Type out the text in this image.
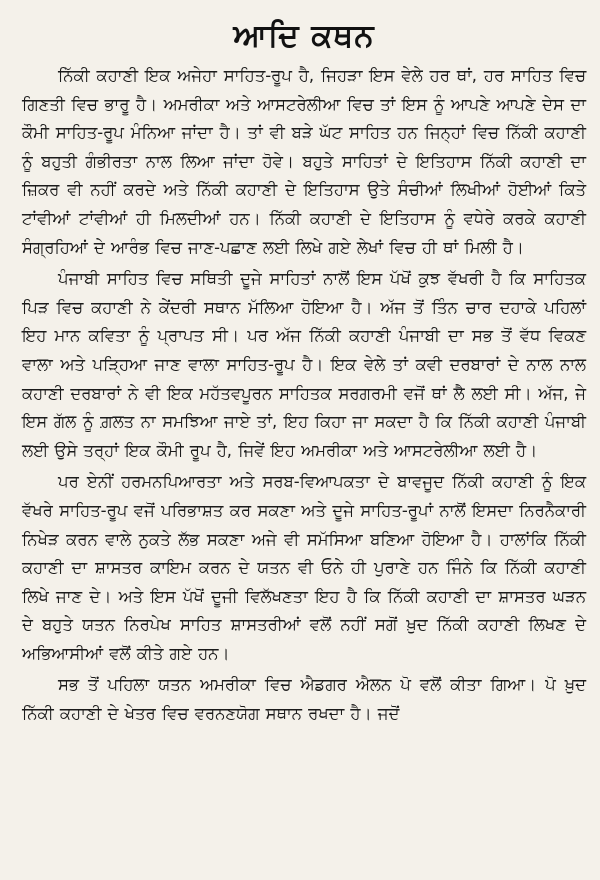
ਆਦਿ ਕਥਨ

ਨਿੱਕੀ ਕਹਾਣੀ ਇਕ ਅਜੇਹਾ ਸਾਹਿਤ-ਰੂਪ ਹੈ, ਜਿਹੜਾ ਇਸ ਵੇਲੇ ਹਰ ਥਾਂ, ਹਰ ਸਾਹਿਤ ਵਿਚ ਗਿਣਤੀ ਵਿਚ ਭਾਰੂ ਹੈ। ਅਮਰੀਕਾ ਅਤੇ ਆਸਟਰੇਲੀਆ ਵਿਚ ਤਾਂ ਇਸ ਨੂੰ ਆਪਣੇ ਆਪਣੇ ਦੇਸ ਦਾ ਕੌਮੀ ਸਾਹਿਤ-ਰੂਪ ਮੰਨਿਆ ਜਾਂਦਾ ਹੈ। ਤਾਂ ਵੀ ਬੜੇ ਘੱਟ ਸਾਹਿਤ ਹਨ ਜਿਨ੍ਹਾਂ ਵਿਚ ਨਿੱਕੀ ਕਹਾਣੀ ਨੂੰ ਬਹੁਤੀ ਗੰਭੀਰਤਾ ਨਾਲ ਲਿਆ ਜਾਂਦਾ ਹੋਵੇ। ਬਹੁਤੇ ਸਾਹਿਤਾਂ ਦੇ ਇਤਿਹਾਸ ਨਿੱਕੀ ਕਹਾਣੀ ਦਾ ਜ਼ਿਕਰ ਵੀ ਨਹੀਂ ਕਰਦੇ ਅਤੇ ਨਿੱਕੀ ਕਹਾਣੀ ਦੇ ਇਤਿਹਾਸ ਉਤੇ ਸੰਚੀਆਂ ਲਿਖੀਆਂ ਹੋਈਆਂ ਕਿਤੇ ਟਾਂਵੀਆਂ ਟਾਂਵੀਆਂ ਹੀ ਮਿਲਦੀਆਂ ਹਨ। ਨਿੱਕੀ ਕਹਾਣੀ ਦੇ ਇਤਿਹਾਸ ਨੂੰ ਵਧੇਰੇ ਕਰਕੇ ਕਹਾਣੀ ਸੰਗ੍ਰਹਿਆਂ ਦੇ ਆਰੰਭ ਵਿਚ ਜਾਣ-ਪਛਾਣ ਲਈ ਲਿਖੇ ਗਏ ਲੇਖਾਂ ਵਿਚ ਹੀ ਥਾਂ ਮਿਲੀ ਹੈ।

ਪੰਜਾਬੀ ਸਾਹਿਤ ਵਿਚ ਸਥਿਤੀ ਦੂਜੇ ਸਾਹਿਤਾਂ ਨਾਲੋਂ ਇਸ ਪੱਖੋਂ ਕੁਝ ਵੱਖਰੀ ਹੈ ਕਿ ਸਾਹਿਤਕ ਪਿੜ ਵਿਚ ਕਹਾਣੀ ਨੇ ਕੇਂਦਰੀ ਸਥਾਨ ਮੱਲਿਆ ਹੋਇਆ ਹੈ। ਅੱਜ ਤੋਂ ਤਿੰਨ ਚਾਰ ਦਹਾਕੇ ਪਹਿਲਾਂ ਇਹ ਮਾਨ ਕਵਿਤਾ ਨੂੰ ਪ੍ਰਾਪਤ ਸੀ। ਪਰ ਅੱਜ ਨਿੱਕੀ ਕਹਾਣੀ ਪੰਜਾਬੀ ਦਾ ਸਭ ਤੋਂ ਵੱਧ ਵਿਕਣ ਵਾਲਾ ਅਤੇ ਪੜ੍ਹਿਆ ਜਾਣ ਵਾਲਾ ਸਾਹਿਤ-ਰੂਪ ਹੈ। ਇਕ ਵੇਲੇ ਤਾਂ ਕਵੀ ਦਰਬਾਰਾਂ ਦੇ ਨਾਲ ਨਾਲ ਕਹਾਣੀ ਦਰਬਾਰਾਂ ਨੇ ਵੀ ਇਕ ਮਹੱਤਵਪੂਰਨ ਸਾਹਿਤਕ ਸਰਗਰਮੀ ਵਜੋਂ ਥਾਂ ਲੈ ਲਈ ਸੀ। ਅੱਜ, ਜੇ ਇਸ ਗੱਲ ਨੂੰ ਗ਼ਲਤ ਨਾ ਸਮਝਿਆ ਜਾਏ ਤਾਂ, ਇਹ ਕਿਹਾ ਜਾ ਸਕਦਾ ਹੈ ਕਿ ਨਿੱਕੀ ਕਹਾਣੀ ਪੰਜਾਬੀ ਲਈ ਉਸੇ ਤਰ੍ਹਾਂ ਇਕ ਕੌਮੀ ਰੂਪ ਹੈ, ਜਿਵੇਂ ਇਹ ਅਮਰੀਕਾ ਅਤੇ ਆਸਟਰੇਲੀਆ ਲਈ ਹੈ।

ਪਰ ਏਨੀਂ ਹਰਮਨਪਿਆਰਤਾ ਅਤੇ ਸਰਬ-ਵਿਆਪਕਤਾ ਦੇ ਬਾਵਜੂਦ ਨਿੱਕੀ ਕਹਾਣੀ ਨੂੰ ਇਕ ਵੱਖਰੇ ਸਾਹਿਤ-ਰੂਪ ਵਜੋਂ ਪਰਿਭਾਸ਼ਤ ਕਰ ਸਕਣਾ ਅਤੇ ਦੂਜੇ ਸਾਹਿਤ-ਰੂਪਾਂ ਨਾਲੋਂ ਇਸਦਾ ਨਿਰਨੈਕਾਰੀ ਨਿਖੇੜ ਕਰਨ ਵਾਲੇ ਨੁਕਤੇ ਲੱਭ ਸਕਣਾ ਅਜੇ ਵੀ ਸਮੱਸਿਆ ਬਣਿਆ ਹੋਇਆ ਹੈ। ਹਾਲਾਂਕਿ ਨਿੱਕੀ ਕਹਾਣੀ ਦਾ ਸ਼ਾਸਤਰ ਕਾਇਮ ਕਰਨ ਦੇ ਯਤਨ ਵੀ ਓਨੇ ਹੀ ਪੁਰਾਣੇ ਹਨ ਜਿੰਨੇ ਕਿ ਨਿੱਕੀ ਕਹਾਣੀ ਲਿਖੇ ਜਾਣ ਦੇ। ਅਤੇ ਇਸ ਪੱਖੋਂ ਦੂਜੀ ਵਿਲੱਖਣਤਾ ਇਹ ਹੈ ਕਿ ਨਿੱਕੀ ਕਹਾਣੀ ਦਾ ਸ਼ਾਸਤਰ ਘੜਨ ਦੇ ਬਹੁਤੇ ਯਤਨ ਨਿਰਪੇਖ ਸਾਹਿਤ ਸ਼ਾਸਤਰੀਆਂ ਵਲੋਂ ਨਹੀਂ ਸਗੋਂ ਖ਼ੁਦ ਨਿੱਕੀ ਕਹਾਣੀ ਲਿਖਣ ਦੇ ਅਭਿਆਸੀਆਂ ਵਲੋਂ ਕੀਤੇ ਗਏ ਹਨ।

ਸਭ ਤੋਂ ਪਹਿਲਾ ਯਤਨ ਅਮਰੀਕਾ ਵਿਚ ਐਡਗਰ ਐਲਨ ਪੋ ਵਲੋਂ ਕੀਤਾ ਗਿਆ। ਪੋ ਖ਼ੁਦ ਨਿੱਕੀ ਕਹਾਣੀ ਦੇ ਖੇਤਰ ਵਿਚ ਵਰਨਣਯੋਗ ਸਥਾਨ ਰਖਦਾ ਹੈ। ਜਦੋਂ
